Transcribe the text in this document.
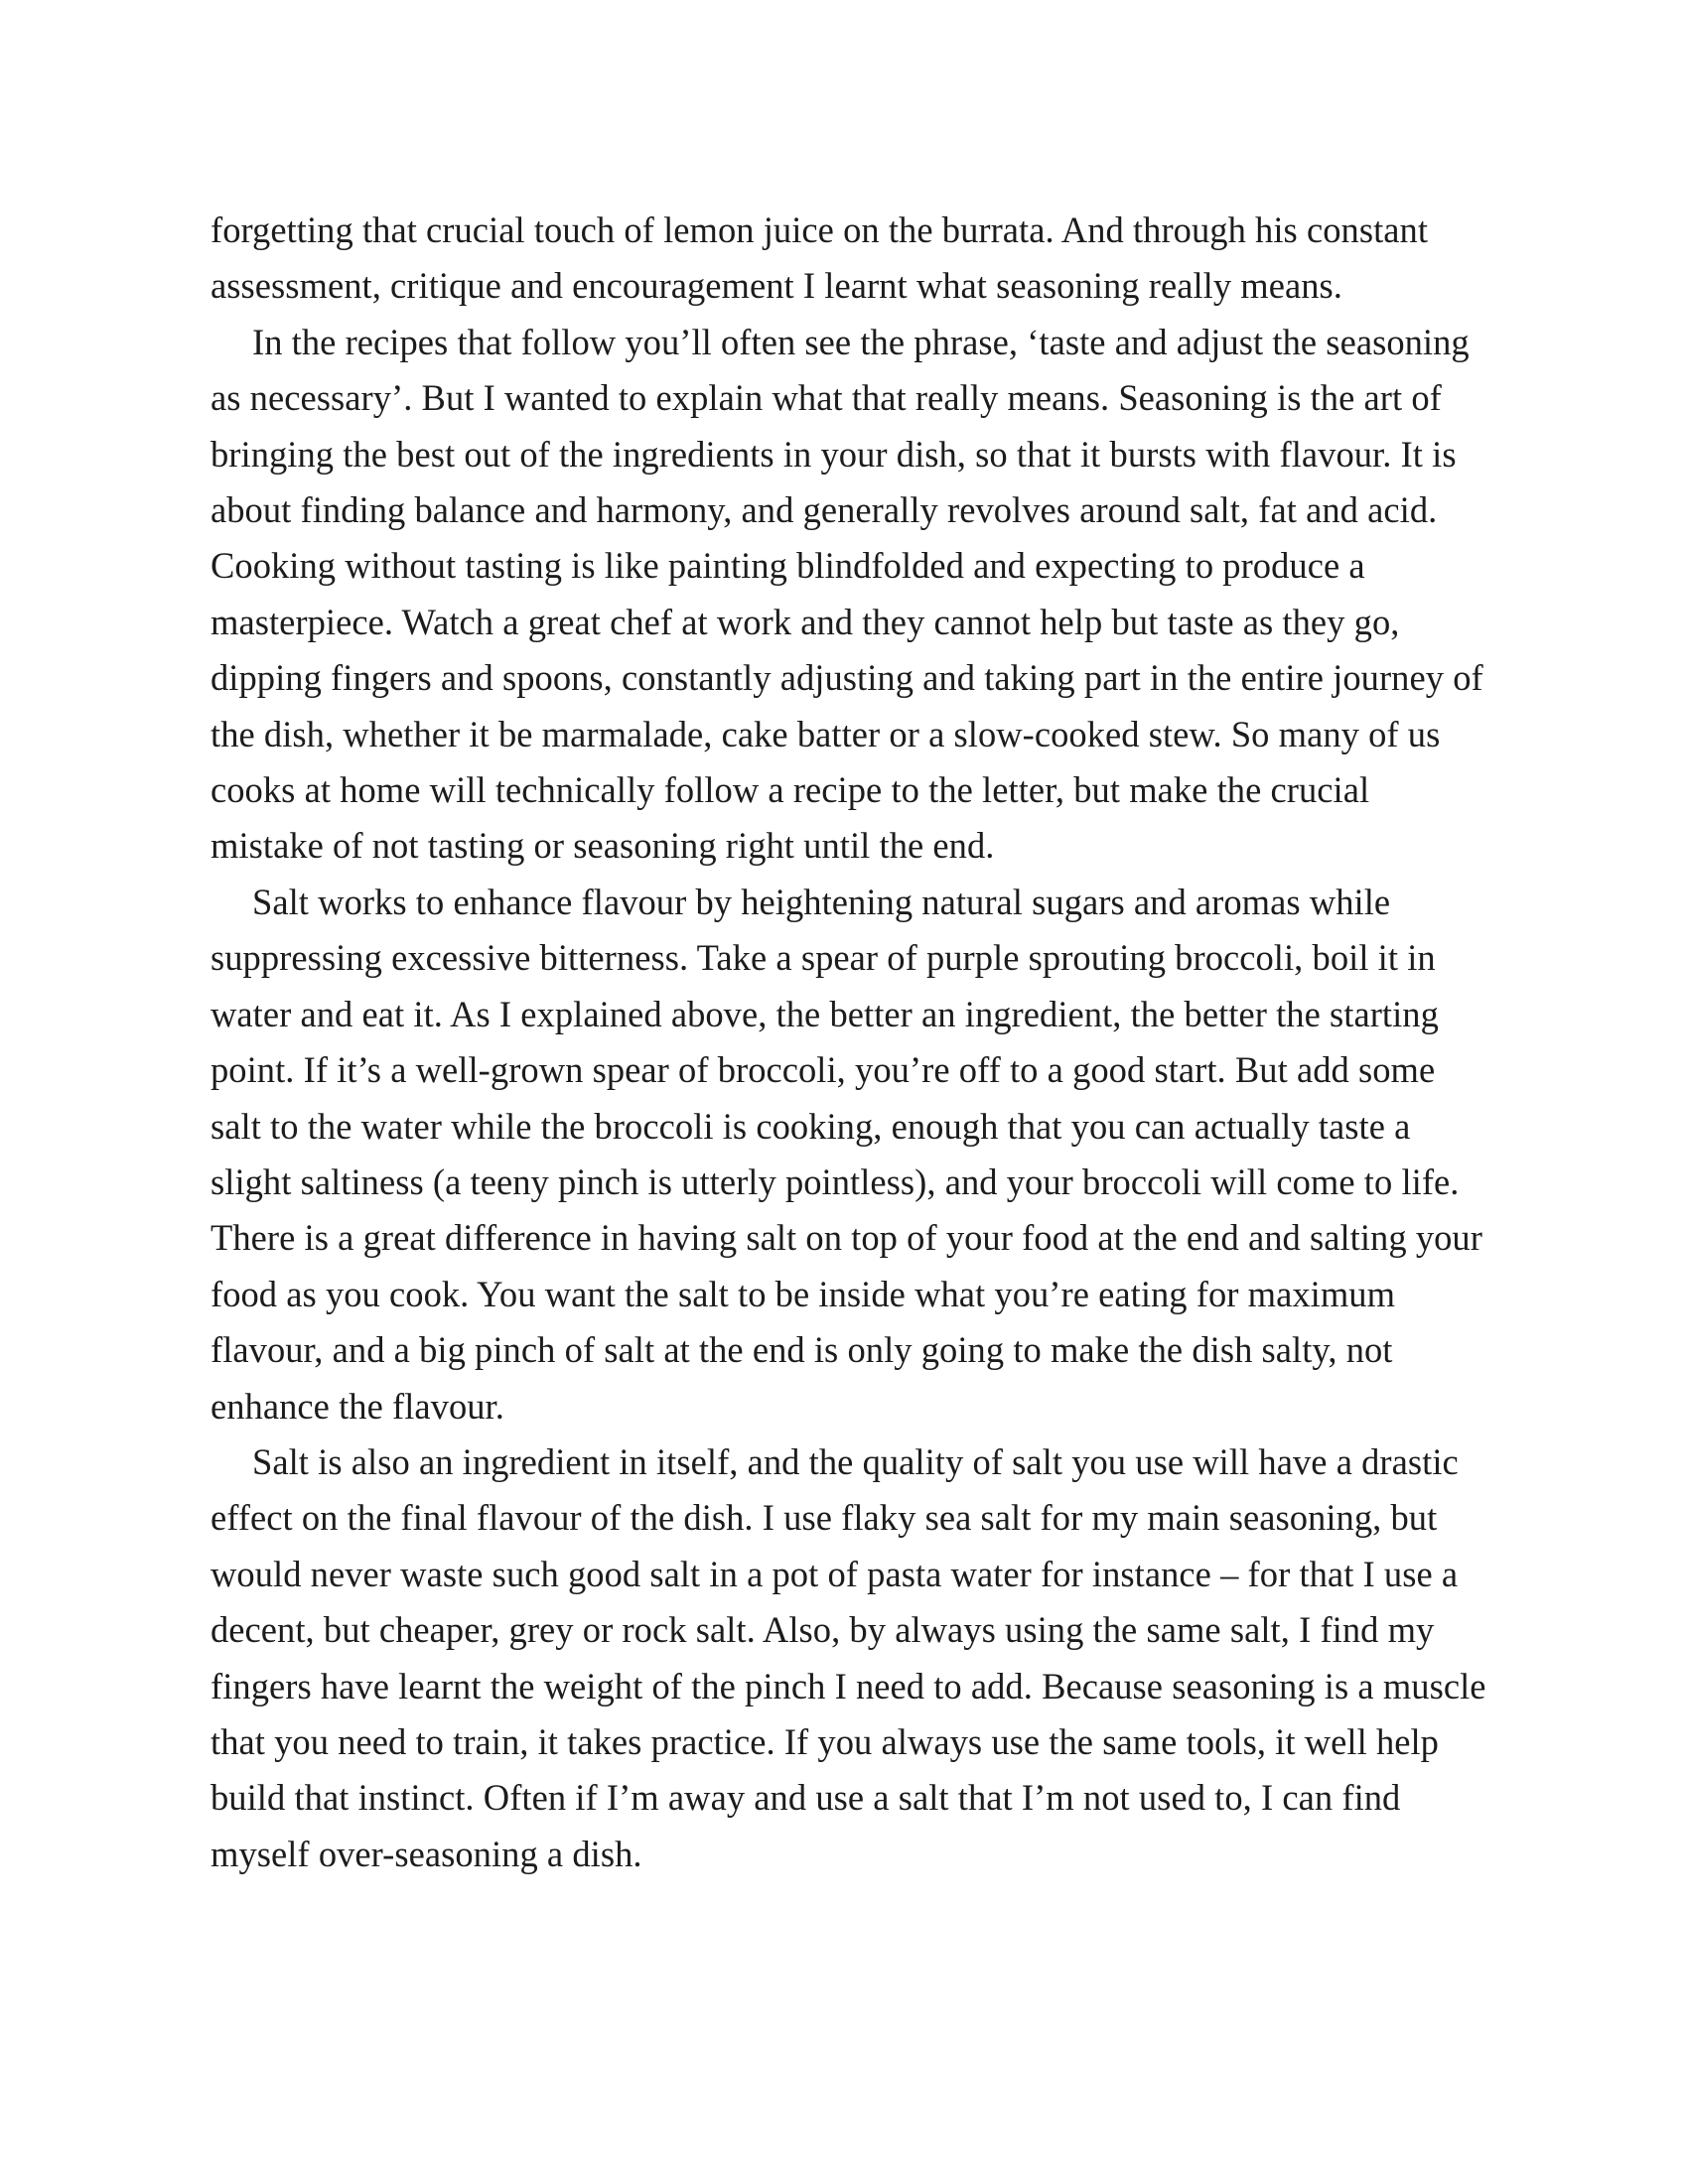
forgetting that crucial touch of lemon juice on the burrata. And through his constant assessment, critique and encouragement I learnt what seasoning really means.

In the recipes that follow you’ll often see the phrase, ‘taste and adjust the seasoning as necessary’. But I wanted to explain what that really means. Seasoning is the art of bringing the best out of the ingredients in your dish, so that it bursts with flavour. It is about finding balance and harmony, and generally revolves around salt, fat and acid. Cooking without tasting is like painting blindfolded and expecting to produce a masterpiece. Watch a great chef at work and they cannot help but taste as they go, dipping fingers and spoons, constantly adjusting and taking part in the entire journey of the dish, whether it be marmalade, cake batter or a slow-cooked stew. So many of us cooks at home will technically follow a recipe to the letter, but make the crucial mistake of not tasting or seasoning right until the end.

Salt works to enhance flavour by heightening natural sugars and aromas while suppressing excessive bitterness. Take a spear of purple sprouting broccoli, boil it in water and eat it. As I explained above, the better an ingredient, the better the starting point. If it’s a well-grown spear of broccoli, you’re off to a good start. But add some salt to the water while the broccoli is cooking, enough that you can actually taste a slight saltiness (a teeny pinch is utterly pointless), and your broccoli will come to life. There is a great difference in having salt on top of your food at the end and salting your food as you cook. You want the salt to be inside what you’re eating for maximum flavour, and a big pinch of salt at the end is only going to make the dish salty, not enhance the flavour.

Salt is also an ingredient in itself, and the quality of salt you use will have a drastic effect on the final flavour of the dish. I use flaky sea salt for my main seasoning, but would never waste such good salt in a pot of pasta water for instance – for that I use a decent, but cheaper, grey or rock salt. Also, by always using the same salt, I find my fingers have learnt the weight of the pinch I need to add. Because seasoning is a muscle that you need to train, it takes practice. If you always use the same tools, it well help build that instinct. Often if I’m away and use a salt that I’m not used to, I can find myself over-seasoning a dish.
